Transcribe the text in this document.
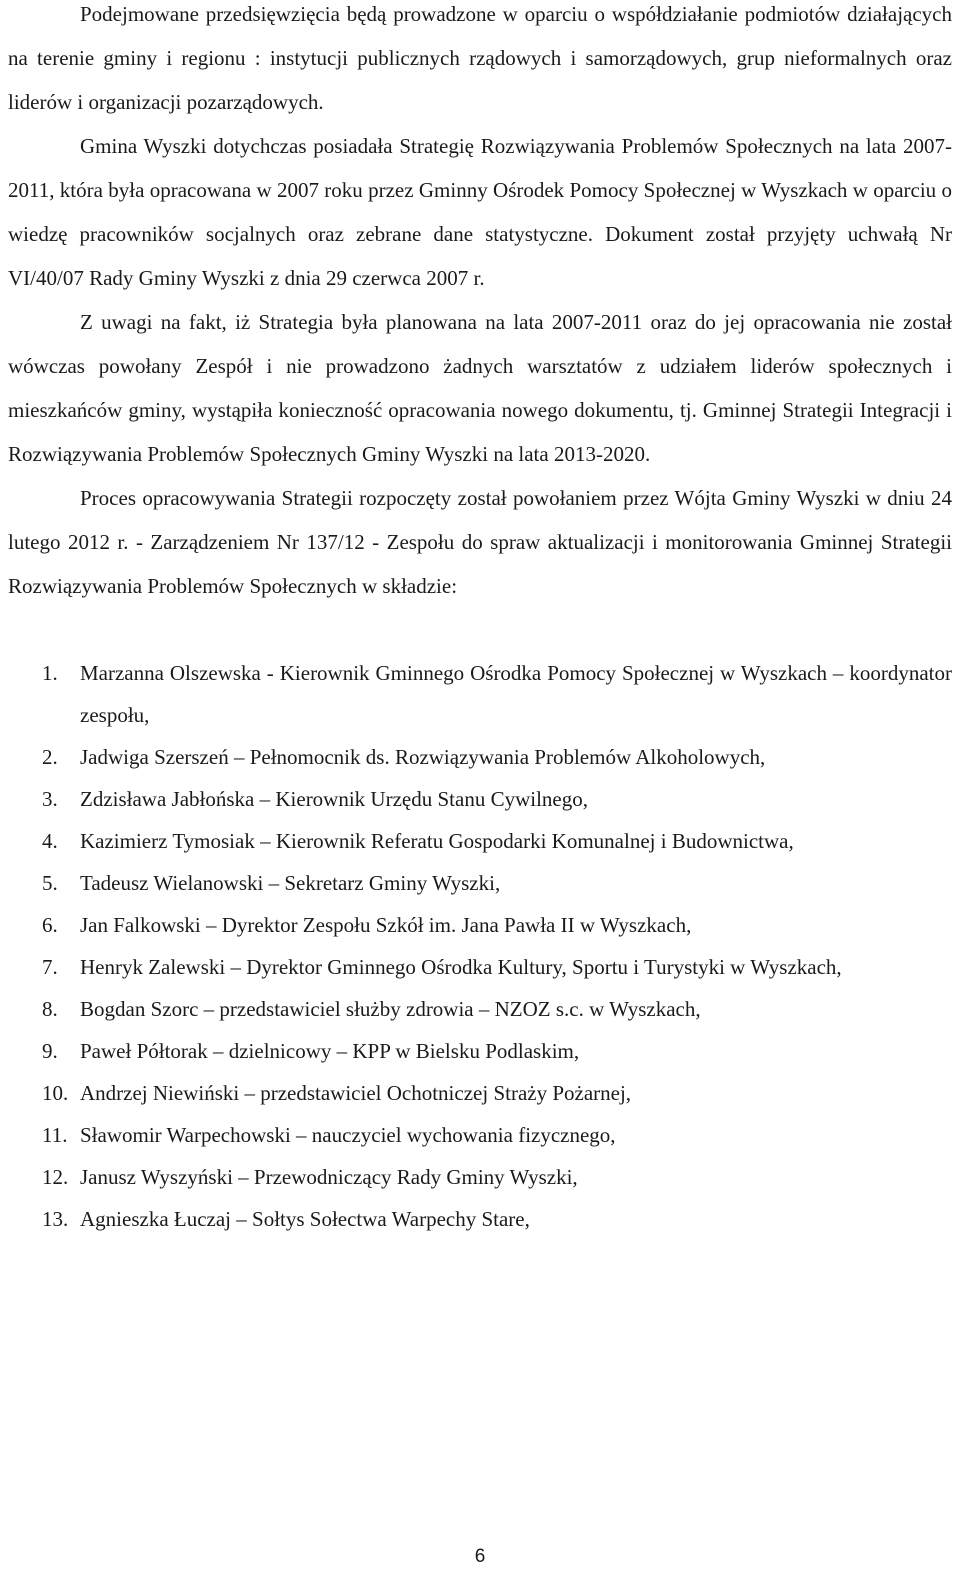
Podejmowane przedsięwzięcia będą prowadzone w oparciu o współdziałanie podmiotów działających na terenie gminy i regionu : instytucji publicznych rządowych i samorządowych, grup nieformalnych oraz liderów i organizacji pozarządowych.

Gmina Wyszki dotychczas posiadała Strategię Rozwiązywania Problemów Społecznych na lata 2007-2011, która była opracowana w 2007 roku przez Gminny Ośrodek Pomocy Społecznej w Wyszkach w oparciu o wiedzę pracowników socjalnych oraz zebrane dane statystyczne. Dokument został przyjęty uchwałą Nr VI/40/07 Rady Gminy Wyszki z dnia 29 czerwca 2007 r.

Z uwagi na fakt, iż Strategia była planowana na lata 2007-2011 oraz do jej opracowania nie został wówczas powołany Zespół i nie prowadzono żadnych warsztatów z udziałem liderów społecznych i mieszkańców gminy, wystąpiła konieczność opracowania nowego dokumentu, tj. Gminnej Strategii Integracji i Rozwiązywania Problemów Społecznych Gminy Wyszki na lata 2013-2020.

Proces opracowywania Strategii rozpoczęty został powołaniem przez Wójta Gminy Wyszki w dniu 24 lutego 2012 r. - Zarządzeniem Nr 137/12 - Zespołu do spraw aktualizacji i monitorowania Gminnej Strategii Rozwiązywania Problemów Społecznych w składzie:

1. Marzanna Olszewska - Kierownik Gminnego Ośrodka Pomocy Społecznej w Wyszkach – koordynator zespołu,
2. Jadwiga Szerszeń – Pełnomocnik ds. Rozwiązywania Problemów Alkoholowych,
3. Zdzisława Jabłońska – Kierownik Urzędu Stanu Cywilnego,
4. Kazimierz Tymosiak – Kierownik Referatu Gospodarki Komunalnej i Budownictwa,
5. Tadeusz Wielanowski – Sekretarz Gminy Wyszki,
6. Jan Falkowski – Dyrektor Zespołu Szkół im. Jana Pawła II w Wyszkach,
7. Henryk Zalewski – Dyrektor Gminnego Ośrodka Kultury, Sportu i Turystyki w Wyszkach,
8. Bogdan Szorc – przedstawiciel służby zdrowia – NZOZ s.c. w Wyszkach,
9. Paweł Półtorak – dzielnicowy – KPP w Bielsku Podlaskim,
10. Andrzej Niewiński – przedstawiciel Ochotniczej Straży Pożarnej,
11. Sławomir Warpechowski – nauczyciel wychowania fizycznego,
12. Janusz Wyszyński – Przewodniczący Rady Gminy Wyszki,
13. Agnieszka Łuczaj – Sołtys Sołectwa Warpechy Stare,
6
